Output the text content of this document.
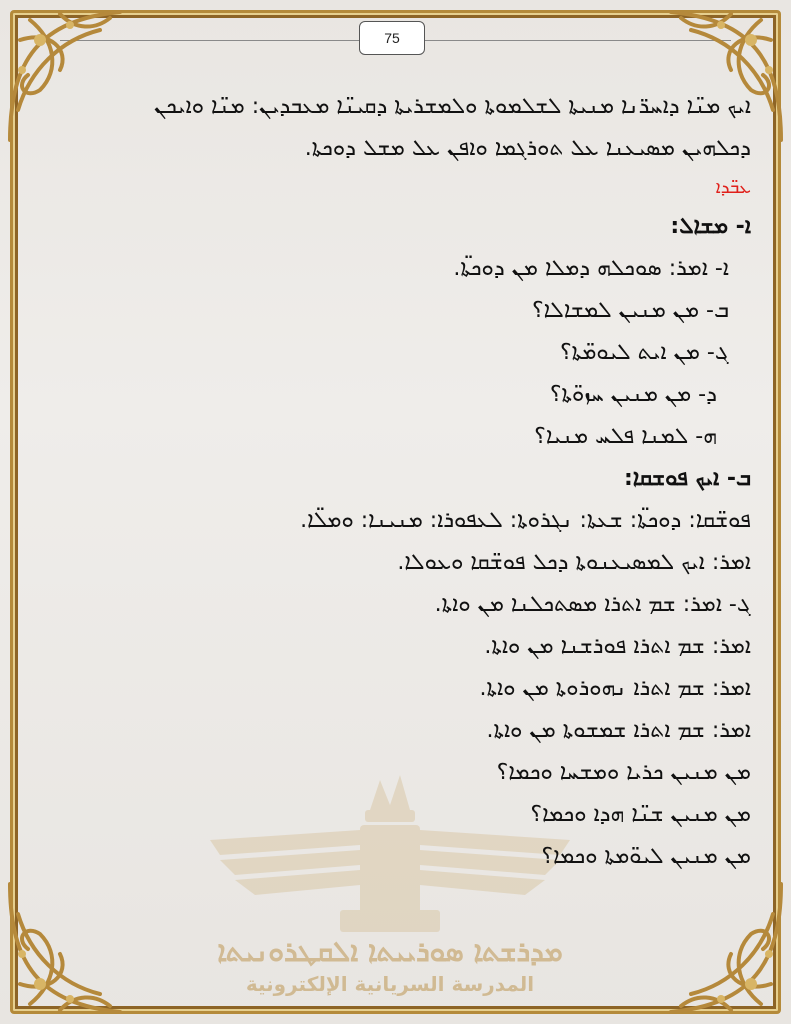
75
ܡܕܪܫܬܐ ܣܘܪܝܝܬܐ ܐܠܩܛܪܘܢܝܬܐ
المدرسة السريانية الإلكترونية
ܐܝܟ ܡܢ̈ܐ ܕܐܚܪ̈ܢܐ ܡܢܝܬܐ ܠܫܠܡܘܬܐ ܘܠܡܫܪܝܬܐ ܕܩܝܢ̈ܐ ܡܥܒܕܝܢ: ܡܢ̈ܐ ܘܐܝܟܢ
ܕܟܠܗܝܢ ܡܣܝܥܢܐ ܥܠ ܬܘܪܓܡܐ ܘܐܦܢ ܥܠ ܡܫܠ ܕܘܟܬܐ.
ܥܒ̈ܕܐ
ܐ- ܡܫܐܠ:
ܐ- ܐܡܪ: ܣܘܟܠܗ ܕܡܠܐ ܡܢ ܕܘܟܬ̈ܐ.
ܒ- ܡܢ ܡܢܝܢ ܠܡܫܐܠܐ؟
ܓ- ܡܢ ܐܝܬ ܠܝܘܡ̈ܬܐ؟
ܕ- ܡܢ ܡܢܝܢ ܚܙܘ̈ܬܐ؟
ܗ- ܠܡܢܐ ܦܠܚ ܡܢܝܐ؟
ܒ- ܐܝܟ ܦܘܫܩܐ:
ܦܘܫ̈ܩܐ: ܕܘܟܬ̈ܐ: ܫܥܬܐ: ܢܓܪܘܬܐ: ܠܥܦܘܪܐ: ܡܢܝܢܐ: ܘܡܠ̈ܐ.
ܐܡܪ: ܐܝܟ ܠܡܣܝܥܢܘܬܐ ܕܟܠ ܦܘܫ̈ܩܐ ܘܥܘܠܐ.
ܓ- ܐܡܪ: ܫܡ ܐܬܪܐ ܡܣܬܟܠܢܐ ܡܢ ܘܐܬܐ.
ܐܡܪ: ܫܡ ܐܬܪܐ ܦܘܪܫܢܐ ܡܢ ܘܐܬܐ.
ܐܡܪ: ܫܡ ܐܬܪܐ ܢܗܘܪܘܬܐ ܡܢ ܘܐܬܐ.
ܐܡܪ: ܫܡ ܐܬܪܐ ܫܡܫܘܬܐ ܡܢ ܘܐܬܐ.
ܡܢ ܡܢܝܢ ܟܪܝܐ ܘܡܫܚܐ ܘܟܡܐ؟
ܡܢ ܡܢܝܢ ܫܢ̈ܐ ܗܕܐ ܘܟܡܐ؟
ܡܢ ܡܢܝܢ ܠܝܘ̈ܡܬܐ ܘܟܡܐ؟
